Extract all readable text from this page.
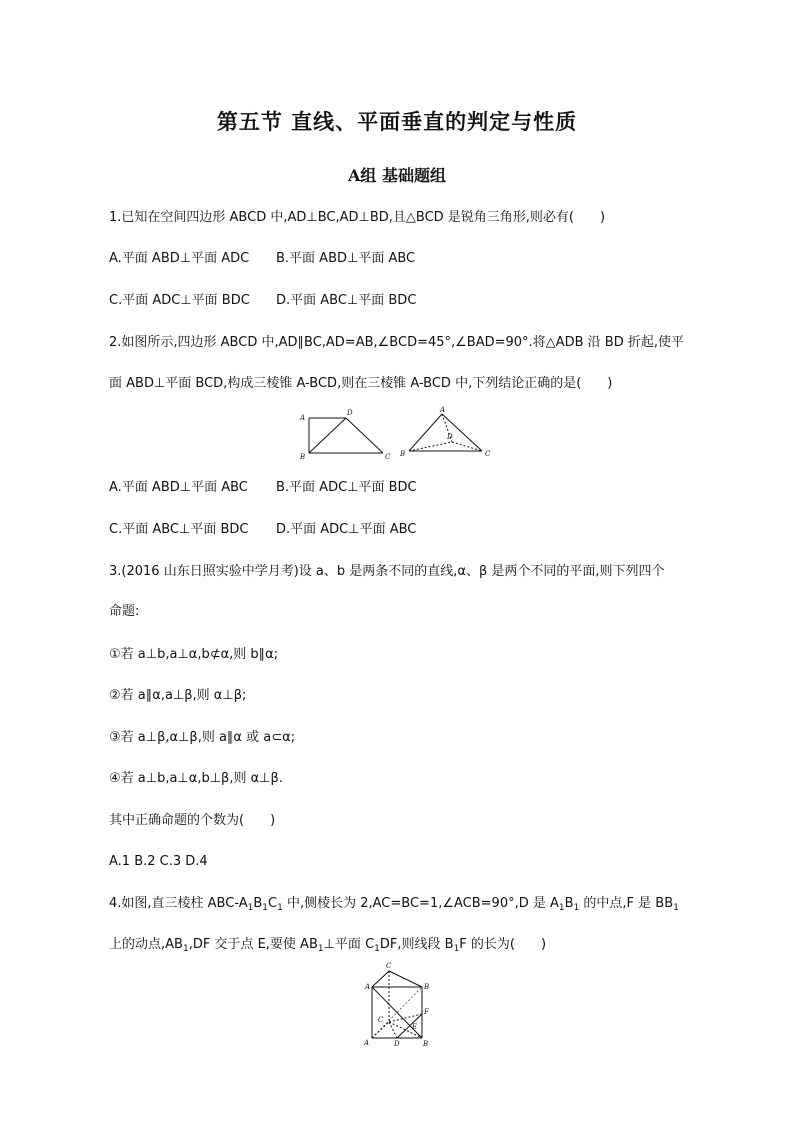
第五节 直线、平面垂直的判定与性质
A组 基础题组
1.已知在空间四边形 ABCD 中,AD⊥BC,AD⊥BD,且△BCD 是锐角三角形,则必有(　　)
A.平面 ABD⊥平面 ADC B.平面 ABD⊥平面 ABC
C.平面 ADC⊥平面 BDC D.平面 ABC⊥平面 BDC
2.如图所示,四边形 ABCD 中,AD∥BC,AD=AB,∠BCD=45°,∠BAD=90°.将△ADB 沿 BD 折起,使平
面 ABD⊥平面 BCD,构成三棱锥 A-BCD,则在三棱锥 A-BCD 中,下列结论正确的是(　　)
A
D
B	C
A
B
D
C
A.平面 ABD⊥平面 ABC B.平面 ADC⊥平面 BDC
C.平面 ABC⊥平面 BDC D.平面 ADC⊥平面 ABC
3.(2016 山东日照实验中学月考)设 a、b 是两条不同的直线,α、β 是两个不同的平面,则下列四个
命题:
①若 a⊥b,a⊥α,b⊄α,则 b∥α;
②若 a∥α,a⊥β,则 α⊥β;
③若 a⊥β,α⊥β,则 a∥α 或 a⊂α;
④若 a⊥b,a⊥α,b⊥β,则 α⊥β.
其中正确命题的个数为(　　)
A.1 B.2 C.3 D.4
4.如图,直三棱柱 ABC-$A_1B_1C_1$ 中,侧棱长为 2,AC=BC=1,∠ACB=90°,D 是 $A_1B_1$ 的中点,F 是 $BB_1$
上的动点$,AB_1,DF$ 交于点 E,要使 $AB_1\perp$平面 $C_1DF$,则线段 $B_1F$ 的长为(　　)
C
A	B
C
F
E
A	D	B
